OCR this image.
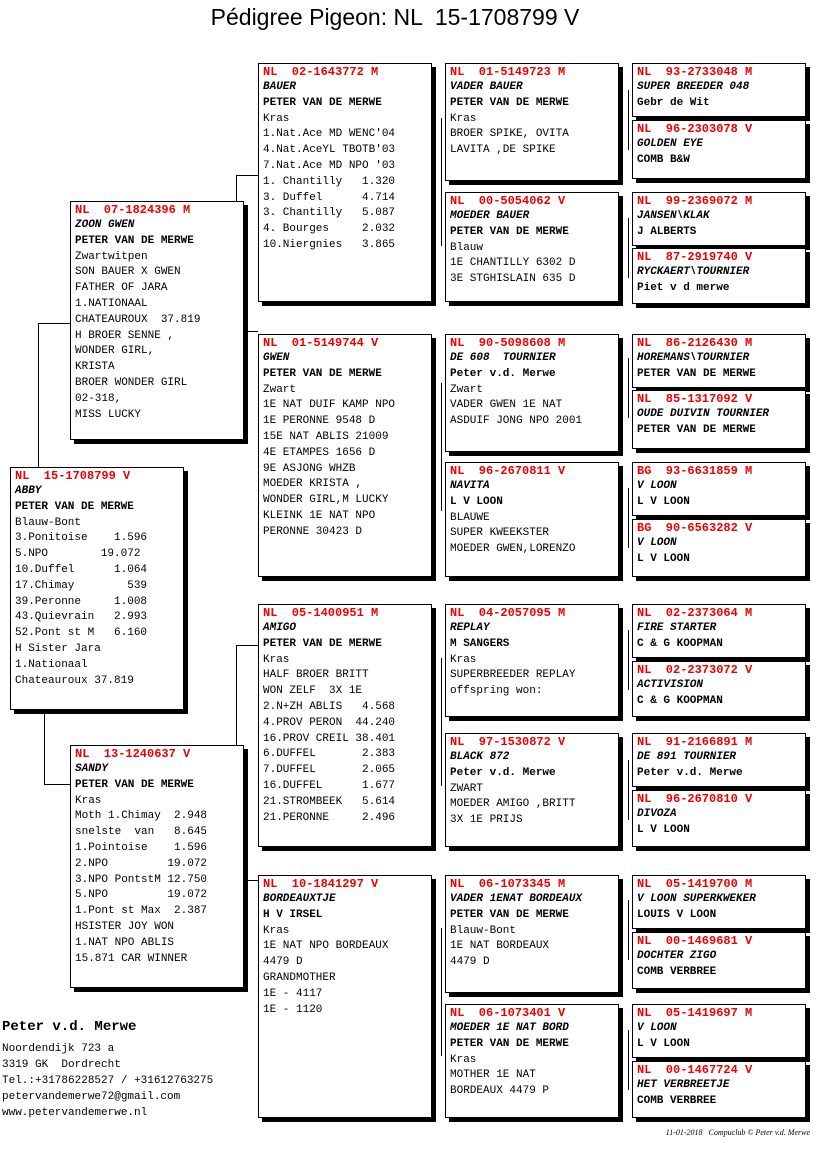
Pédigree Pigeon: NL  15-1708799 V
NL  15-1708799 V
ABBY
PETER VAN DE MERWE
Blauw-Bont
3.Ponitoise    1.596
5.NPO        19.072
10.Duffel      1.064
17.Chimay        539
39.Peronne     1.008
43.Quievrain   2.993
52.Pont st M   6.160
H Sister Jara
1.Nationaal
Chateauroux 37.819
NL  07-1824396 M
ZOON GWEN
PETER VAN DE MERWE
Zwartwitpen
SON BAUER X GWEN
FATHER OF JARA
1.NATIONAAL
CHATEAUROUX  37.819
H BROER SENNE ,
WONDER GIRL,
KRISTA
BROER WONDER GIRL
02-318,
MISS LUCKY
NL  13-1240637 V
SANDY
PETER VAN DE MERWE
Kras
Moth 1.Chimay  2.948
snelste  van   8.645
1.Pointoise    1.596
2.NPO         19.072
3.NPO PontstM 12.750
5.NPO         19.072
1.Pont st Max  2.387
HSISTER JOY WON
1.NAT NPO ABLIS
15.871 CAR WINNER
NL  02-1643772 M
BAUER
PETER VAN DE MERWE
Kras
1.Nat.Ace MD WENC'04
4.Nat.AceYL TBOTB'03
7.Nat.Ace MD NPO '03
1. Chantilly   1.320
3. Duffel      4.714
3. Chantilly   5.087
4. Bourges     2.032
10.Niergnies   3.865
NL  01-5149744 V
GWEN
PETER VAN DE MERWE
Zwart
1E NAT DUIF KAMP NPO
1E PERONNE 9548 D
15E NAT ABLIS 21009
4E ETAMPES 1656 D
9E ASJONG WHZB
MOEDER KRISTA ,
WONDER GIRL,M LUCKY
KLEINK 1E NAT NPO
PERONNE 30423 D
NL  05-1400951 M
AMIGO
PETER VAN DE MERWE
Kras
HALF BROER BRITT
WON ZELF  3X 1E
2.N+ZH ABLIS   4.568
4.PROV PERON  44.240
16.PROV CREIL 38.401
6.DUFFEL       2.383
7.DUFFEL       2.065
16.DUFFEL      1.677
21.STROMBEEK   5.614
21.PERONNE     2.496
NL  10-1841297 V
BORDEAUXTJE
H V IRSEL
Kras
1E NAT NPO BORDEAUX
4479 D
GRANDMOTHER
1E - 4117
1E - 1120
NL  01-5149723 M
VADER BAUER
PETER VAN DE MERWE
Kras
BROER SPIKE, OVITA
LAVITA ,DE SPIKE
NL  00-5054062 V
MOEDER BAUER
PETER VAN DE MERWE
Blauw
1E CHANTILLY 6302 D
3E STGHISLAIN 635 D
NL  90-5098608 M
DE 608  TOURNIER
Peter v.d. Merwe
Zwart
VADER GWEN 1E NAT
ASDUIF JONG NPO 2001
NL  96-2670811 V
NAVITA
L V LOON
BLAUWE
SUPER KWEEKSTER
MOEDER GWEN,LORENZO
NL  04-2057095 M
REPLAY
M SANGERS
Kras
SUPERBREEDER REPLAY
offspring won:
NL  97-1530872 V
BLACK 872
Peter v.d. Merwe
ZWART
MOEDER AMIGO ,BRITT
3X 1E PRIJS
NL  06-1073345 M
VADER 1ENAT BORDEAUX
PETER VAN DE MERWE
Blauw-Bont
1E NAT BORDEAUX
4479 D
NL  06-1073401 V
MOEDER 1E NAT BORD
PETER VAN DE MERWE
Kras
MOTHER 1E NAT
BORDEAUX 4479 P
NL  93-2733048 M
SUPER BREEDER 048
Gebr de Wit
NL  96-2303078 V
GOLDEN EYE
COMB B&W
NL  99-2369072 M
JANSEN\KLAK
J ALBERTS
NL  87-2919740 V
RYCKAERT\TOURNIER
Piet v d merwe
NL  86-2126430 M
HOREMANS\TOURNIER
PETER VAN DE MERWE
NL  85-1317092 V
OUDE DUIVIN TOURNIER
PETER VAN DE MERWE
BG  93-6631859 M
V LOON
L V LOON
BG  90-6563282 V
V LOON
L V LOON
NL  02-2373064 M
FIRE STARTER
C & G KOOPMAN
NL  02-2373072 V
ACTIVISION
C & G KOOPMAN
NL  91-2166891 M
DE 891 TOURNIER
Peter v.d. Merwe
NL  96-2670810 V
DIVOZA
L V LOON
NL  05-1419700 M
V LOON SUPERKWEKER
LOUIS V LOON
NL  00-1469681 V
DOCHTER ZIGO
COMB VERBREE
NL  05-1419697 M
V LOON
L V LOON
NL  00-1467724 V
HET VERBREETJE
COMB VERBREE
Peter v.d. Merwe
Noordendijk 723 a
3319 GK  Dordrecht
Tel.:+31786228527 / +31612763275
petervandemerwe72@gmail.com
www.petervandemerwe.nl
11-01-2018   Compuclub © Peter v.d. Merwe
